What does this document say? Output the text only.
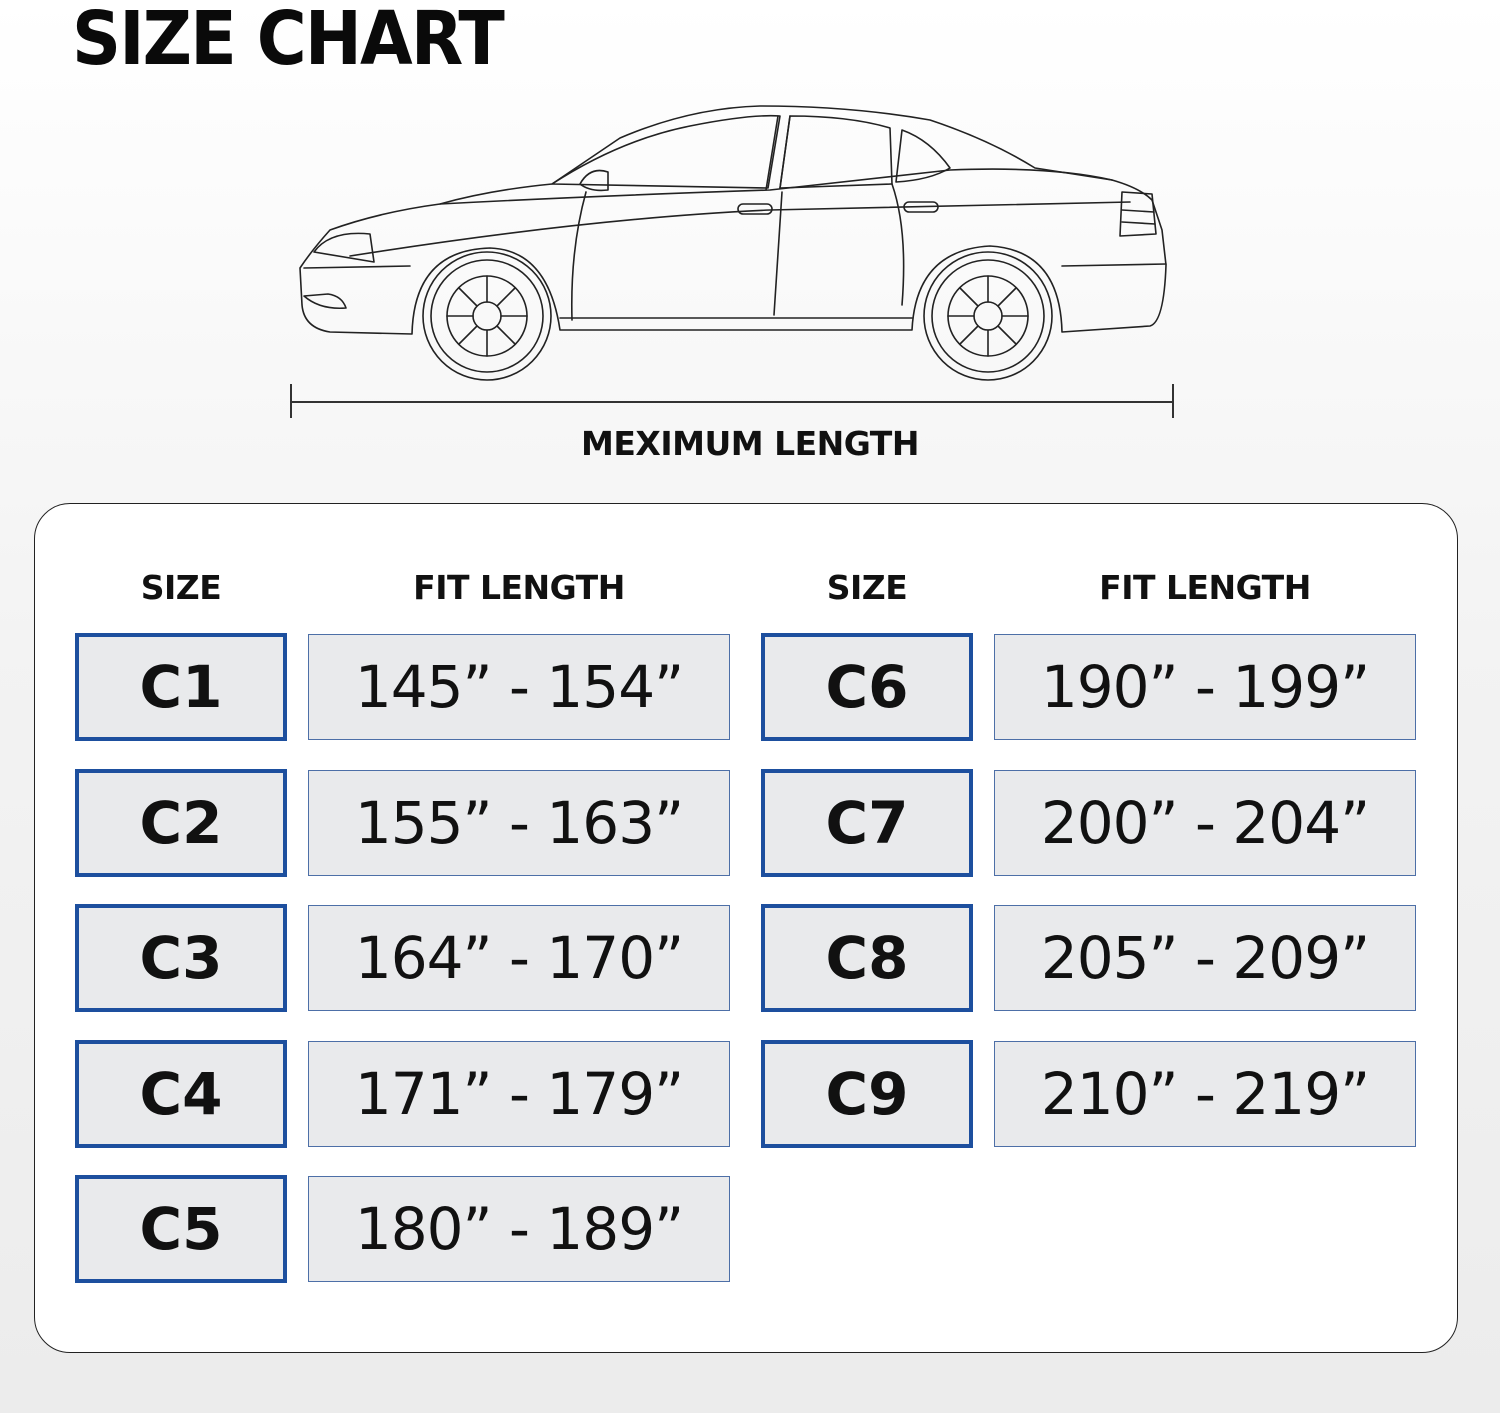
SIZE CHART
MEXIMUM LENGTH
SIZE	FIT LENGTH	SIZE	FIT LENGTH
C1	145” - 154”
C2	155” - 163”
C3	164” - 170”
C4	171” - 179”
C5	180” - 189”
C6	190” - 199”
C7	200” - 204”
C8	205” - 209”
C9	210” - 219”
